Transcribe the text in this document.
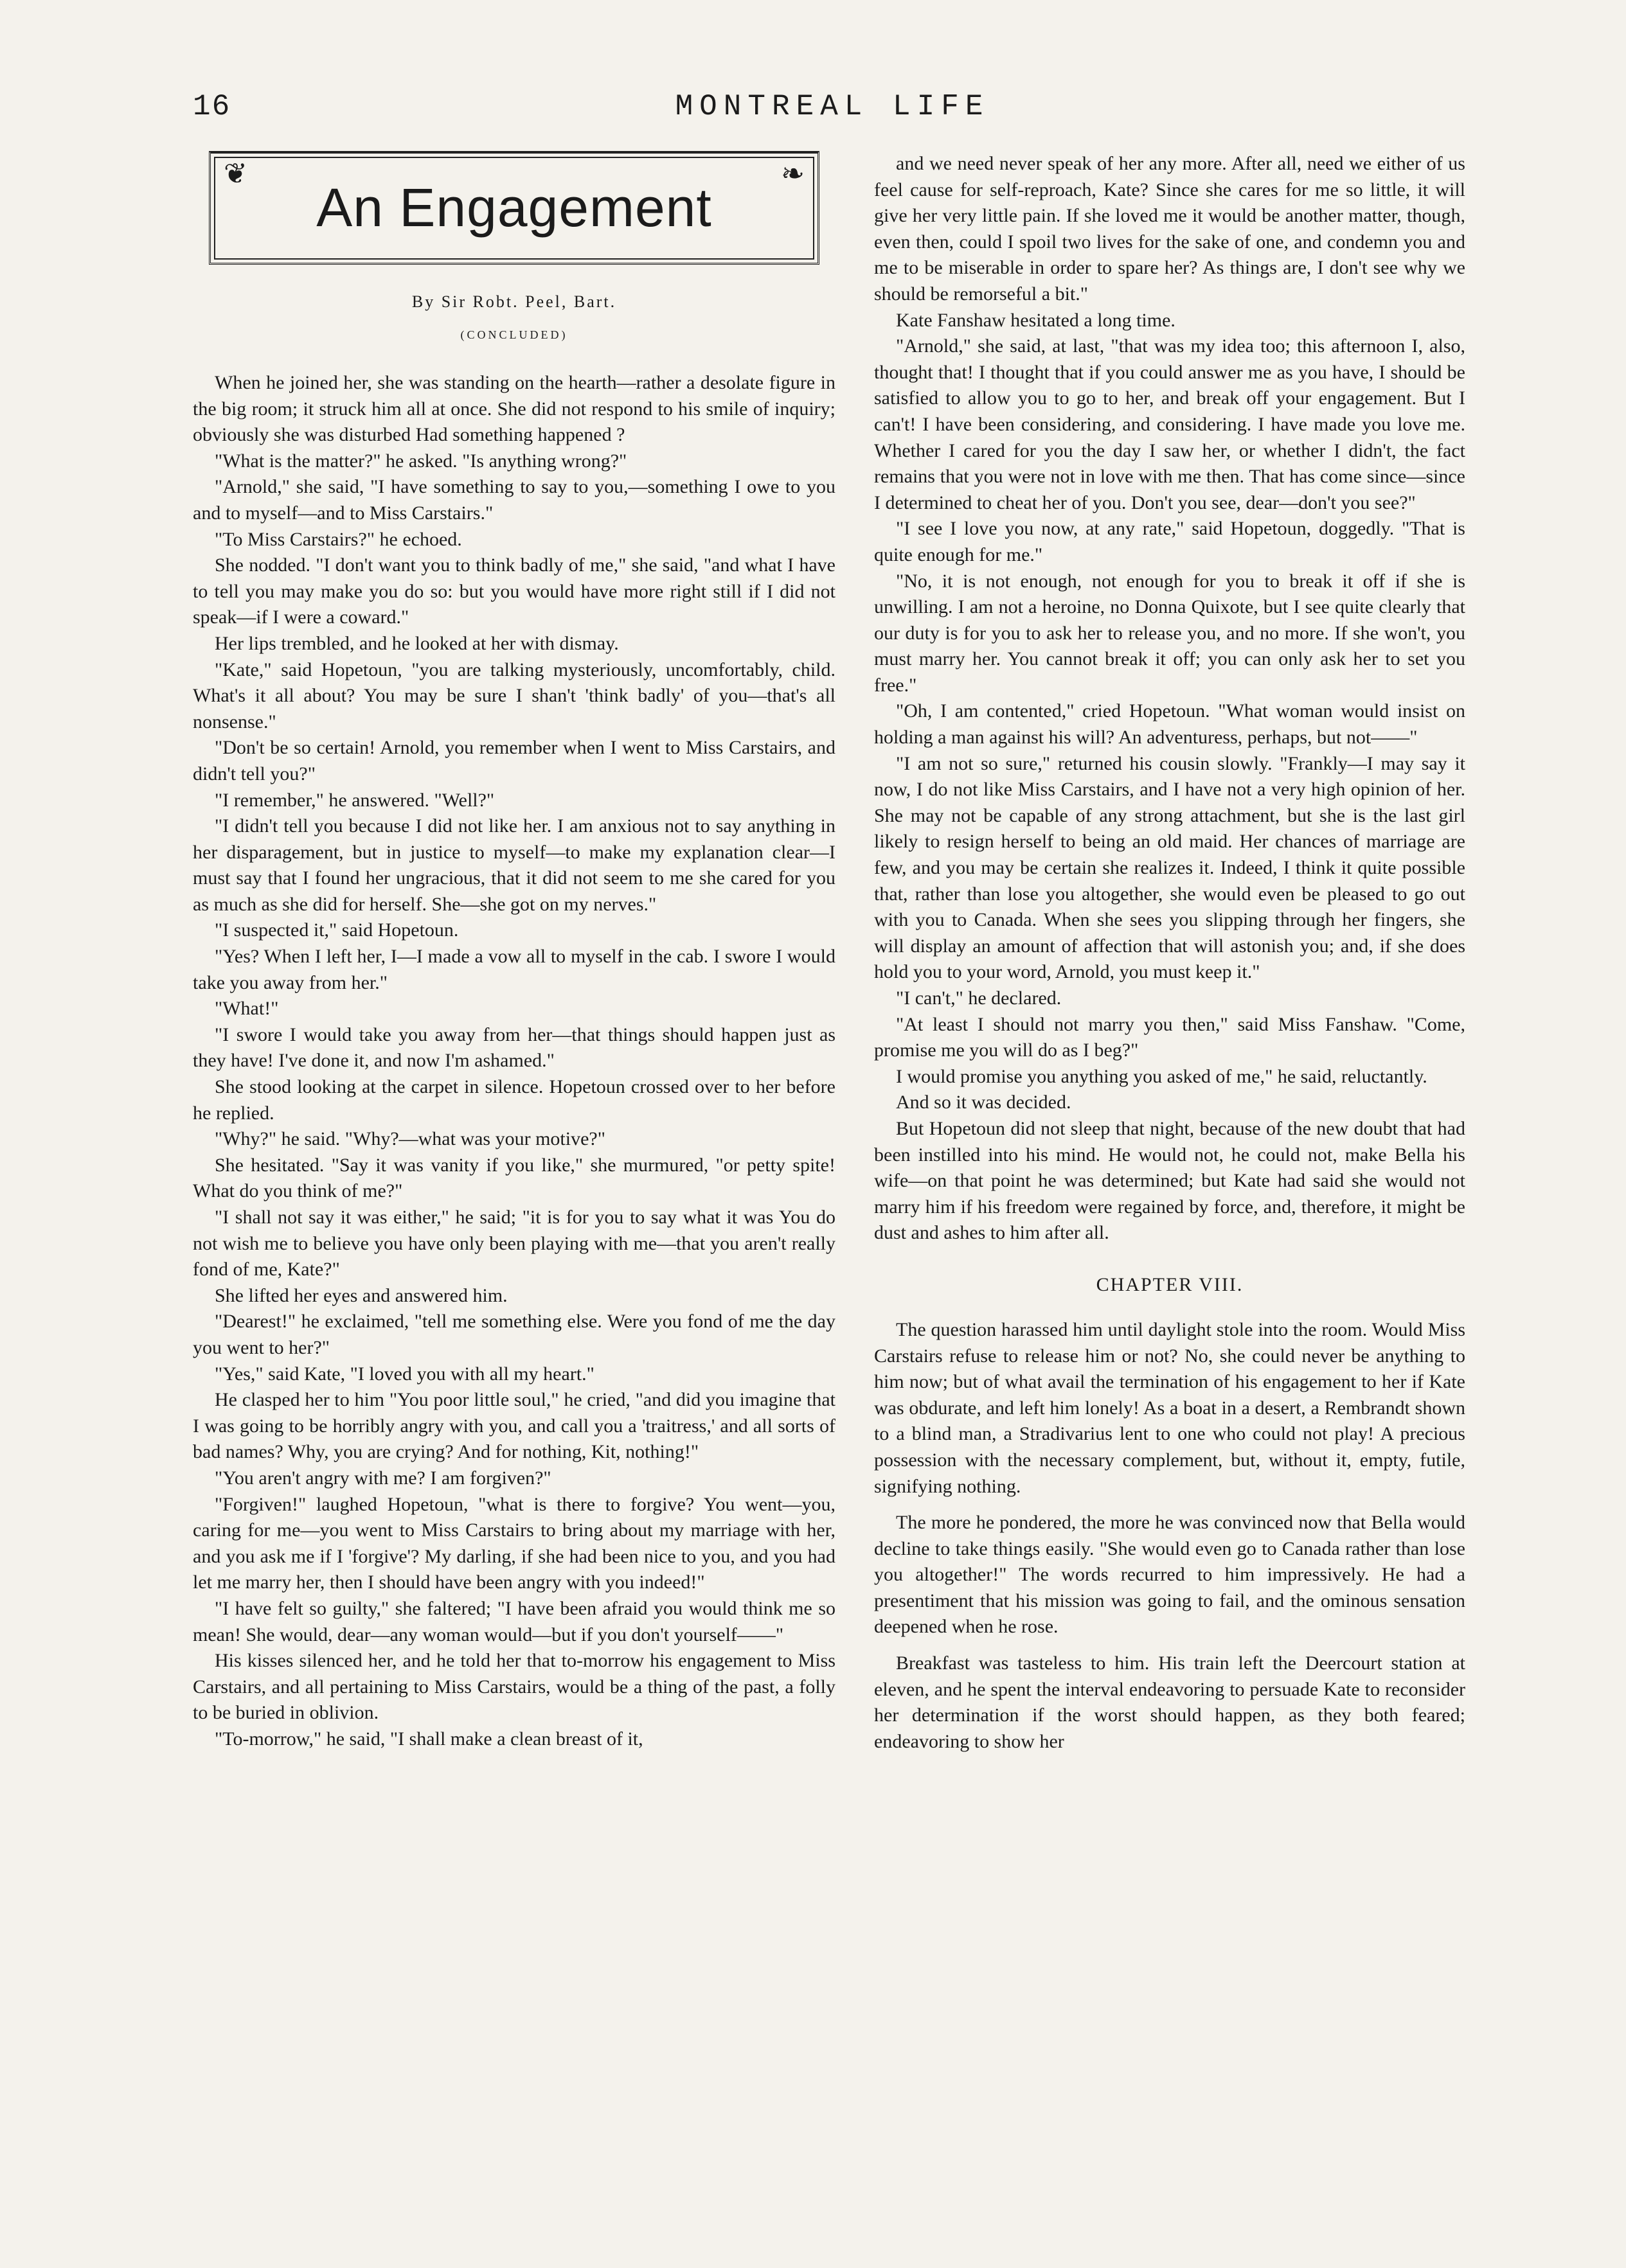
16	MONTREAL LIFE
❦	❧
An Engagement
By Sir Robt. Peel, Bart.
(CONCLUDED)

When he joined her, she was standing on the hearth—rather a desolate figure in the big room; it struck him all at once. She did not respond to his smile of inquiry; obviously she was disturbed Had something happened ?

"What is the matter?" he asked. "Is anything wrong?"

"Arnold," she said, "I have something to say to you,—something I owe to you and to myself—and to Miss Carstairs."

"To Miss Carstairs?" he echoed.

She nodded. "I don't want you to think badly of me," she said, "and what I have to tell you may make you do so: but you would have more right still if I did not speak—if I were a coward."

Her lips trembled, and he looked at her with dismay.

"Kate," said Hopetoun, "you are talking mysteriously, uncomfortably, child. What's it all about? You may be sure I shan't 'think badly' of you—that's all nonsense."

"Don't be so certain! Arnold, you remember when I went to Miss Carstairs, and didn't tell you?"

"I remember," he answered. "Well?"

"I didn't tell you because I did not like her. I am anxious not to say anything in her disparagement, but in justice to myself—to make my explanation clear—I must say that I found her ungracious, that it did not seem to me she cared for you as much as she did for herself. She—she got on my nerves."

"I suspected it," said Hopetoun.

"Yes? When I left her, I—I made a vow all to myself in the cab. I swore I would take you away from her."

"What!"

"I swore I would take you away from her—that things should happen just as they have! I've done it, and now I'm ashamed."

She stood looking at the carpet in silence. Hopetoun crossed over to her before he replied.

"Why?" he said. "Why?—what was your motive?"

She hesitated. "Say it was vanity if you like," she murmured, "or petty spite! What do you think of me?"

"I shall not say it was either," he said; "it is for you to say what it was You do not wish me to believe you have only been playing with me—that you aren't really fond of me, Kate?"

She lifted her eyes and answered him.

"Dearest!" he exclaimed, "tell me something else. Were you fond of me the day you went to her?"

"Yes," said Kate, "I loved you with all my heart."

He clasped her to him "You poor little soul," he cried, "and did you imagine that I was going to be horribly angry with you, and call you a 'traitress,' and all sorts of bad names? Why, you are crying? And for nothing, Kit, nothing!"

"You aren't angry with me? I am forgiven?"

"Forgiven!" laughed Hopetoun, "what is there to forgive? You went—you, caring for me—you went to Miss Carstairs to bring about my marriage with her, and you ask me if I 'forgive'? My darling, if she had been nice to you, and you had let me marry her, then I should have been angry with you indeed!"

"I have felt so guilty," she faltered; "I have been afraid you would think me so mean! She would, dear—any woman would—but if you don't yourself——"

His kisses silenced her, and he told her that to-morrow his engagement to Miss Carstairs, and all pertaining to Miss Carstairs, would be a thing of the past, a folly to be buried in oblivion.

"To-morrow," he said, "I shall make a clean breast of it,

and we need never speak of her any more. After all, need we either of us feel cause for self-reproach, Kate? Since she cares for me so little, it will give her very little pain. If she loved me it would be another matter, though, even then, could I spoil two lives for the sake of one, and condemn you and me to be miserable in order to spare her? As things are, I don't see why we should be remorseful a bit."

Kate Fanshaw hesitated a long time.

"Arnold," she said, at last, "that was my idea too; this afternoon I, also, thought that! I thought that if you could answer me as you have, I should be satisfied to allow you to go to her, and break off your engagement. But I can't! I have been considering, and considering. I have made you love me. Whether I cared for you the day I saw her, or whether I didn't, the fact remains that you were not in love with me then. That has come since—since I determined to cheat her of you. Don't you see, dear—don't you see?"

"I see I love you now, at any rate," said Hopetoun, doggedly. "That is quite enough for me."

"No, it is not enough, not enough for you to break it off if she is unwilling. I am not a heroine, no Donna Quixote, but I see quite clearly that our duty is for you to ask her to release you, and no more. If she won't, you must marry her. You cannot break it off; you can only ask her to set you free."

"Oh, I am contented," cried Hopetoun. "What woman would insist on holding a man against his will? An adventuress, perhaps, but not——"

"I am not so sure," returned his cousin slowly. "Frankly—I may say it now, I do not like Miss Carstairs, and I have not a very high opinion of her. She may not be capable of any strong attachment, but she is the last girl likely to resign herself to being an old maid. Her chances of marriage are few, and you may be certain she realizes it. Indeed, I think it quite possible that, rather than lose you altogether, she would even be pleased to go out with you to Canada. When she sees you slipping through her fingers, she will display an amount of affection that will astonish you; and, if she does hold you to your word, Arnold, you must keep it."

"I can't," he declared.

"At least I should not marry you then," said Miss Fanshaw. "Come, promise me you will do as I beg?"

I would promise you anything you asked of me," he said, reluctantly.

And so it was decided.

But Hopetoun did not sleep that night, because of the new doubt that had been instilled into his mind. He would not, he could not, make Bella his wife—on that point he was determined; but Kate had said she would not marry him if his freedom were regained by force, and, therefore, it might be dust and ashes to him after all.

CHAPTER VIII.

The question harassed him until daylight stole into the room. Would Miss Carstairs refuse to release him or not? No, she could never be anything to him now; but of what avail the termination of his engagement to her if Kate was obdurate, and left him lonely! As a boat in a desert, a Rembrandt shown to a blind man, a Stradivarius lent to one who could not play! A precious possession with the necessary complement, but, without it, empty, futile, signifying nothing.

The more he pondered, the more he was convinced now that Bella would decline to take things easily. "She would even go to Canada rather than lose you altogether!" The words recurred to him impressively. He had a presentiment that his mission was going to fail, and the ominous sensation deepened when he rose.

Breakfast was tasteless to him. His train left the Deercourt station at eleven, and he spent the interval endeavoring to persuade Kate to reconsider her determination if the worst should happen, as they both feared; endeavoring to show her
